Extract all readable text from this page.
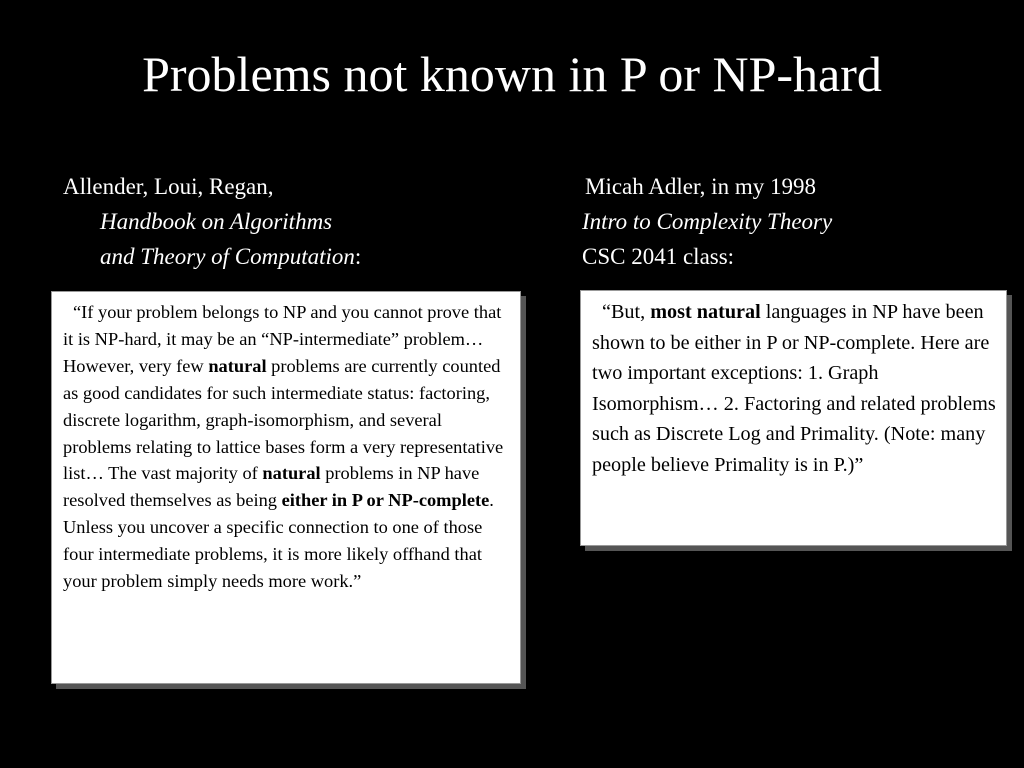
Problems not known in P or NP-hard
Allender, Loui, Regan,
Handbook on Algorithms
and Theory of Computation:
Micah Adler, in my 1998
Intro to Complexity Theory
CSC 2041 class:

“If your problem belongs to NP and you cannot prove that it is NP-hard, it may be an “NP-intermediate” problem… However, very few natural problems are currently counted as good candidates for such intermediate status: factoring, discrete logarithm, graph-isomorphism, and several problems relating to lattice bases form a very representative list… The vast majority of natural problems in NP have resolved themselves as being either in P or NP-complete. Unless you uncover a specific connection to one of those four intermediate problems, it is more likely offhand that your problem simply needs more work.”

“But, most natural languages in NP have been shown to be either in P or NP-complete. Here are two important exceptions: 1. Graph Isomorphism… 2. Factoring and related problems such as Discrete Log and Primality. (Note: many people believe Primality is in P.)”
